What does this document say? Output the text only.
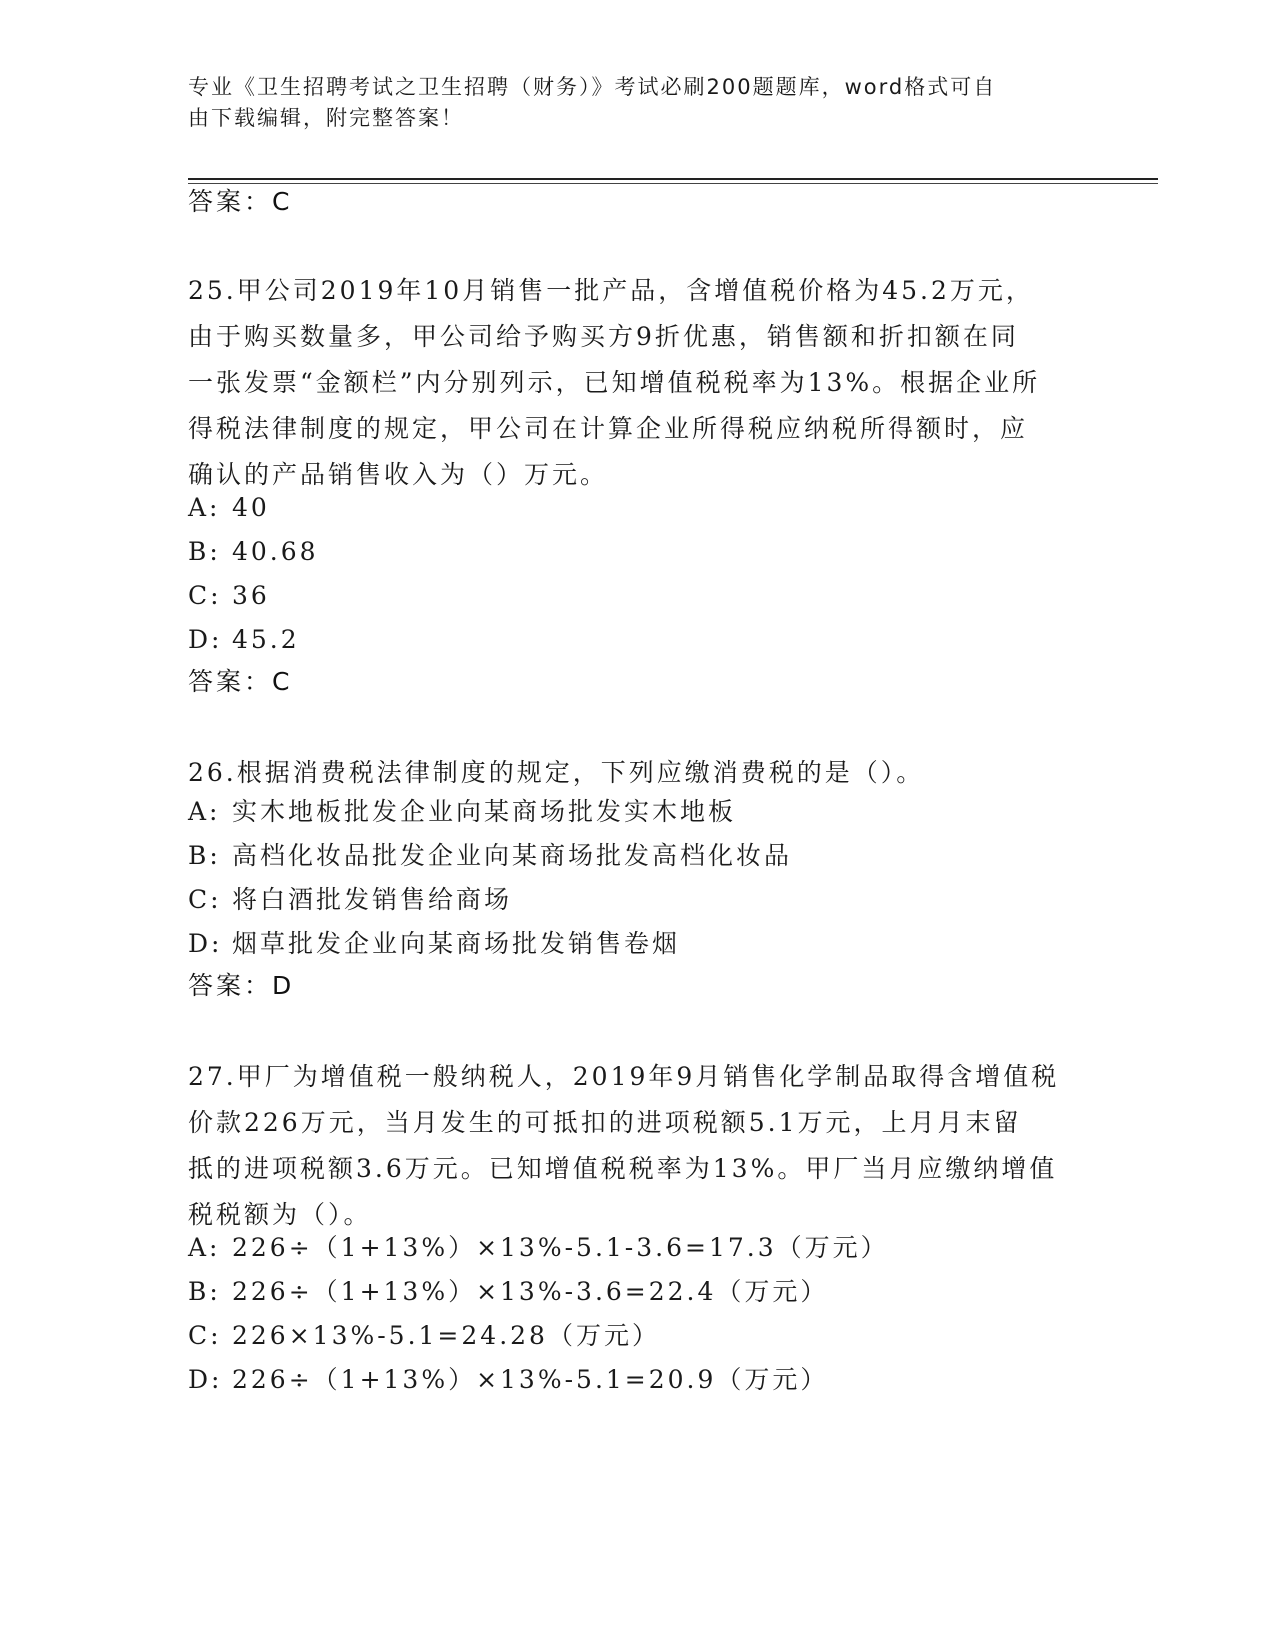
专业《卫生招聘考试之卫生招聘（财务）》考试必刷200题题库，word格式可自
由下载编辑，附完整答案！
答案：C
25.甲公司2019年10月销售一批产品，含增值税价格为45.2万元，
由于购买数量多，甲公司给予购买方9折优惠，销售额和折扣额在同
一张发票“金额栏”内分别列示，已知增值税税率为13%。根据企业所
得税法律制度的规定，甲公司在计算企业所得税应纳税所得额时，应
确认的产品销售收入为（）万元。
A: 40
B: 40.68
C: 36
D: 45.2
答案：C
26.根据消费税法律制度的规定，下列应缴消费税的是（）。
A: 实木地板批发企业向某商场批发实木地板
B: 高档化妆品批发企业向某商场批发高档化妆品
C: 将白酒批发销售给商场
D: 烟草批发企业向某商场批发销售卷烟
答案：D
27.甲厂为增值税一般纳税人，2019年9月销售化学制品取得含增值税
价款226万元，当月发生的可抵扣的进项税额5.1万元，上月月末留
抵的进项税额3.6万元。已知增值税税率为13%。甲厂当月应缴纳增值
税税额为（）。
A: 226÷（1+13%）×13%-5.1-3.6=17.3（万元）
B: 226÷（1+13%）×13%-3.6=22.4（万元）
C: 226×13%-5.1=24.28（万元）
D: 226÷（1+13%）×13%-5.1=20.9（万元）
